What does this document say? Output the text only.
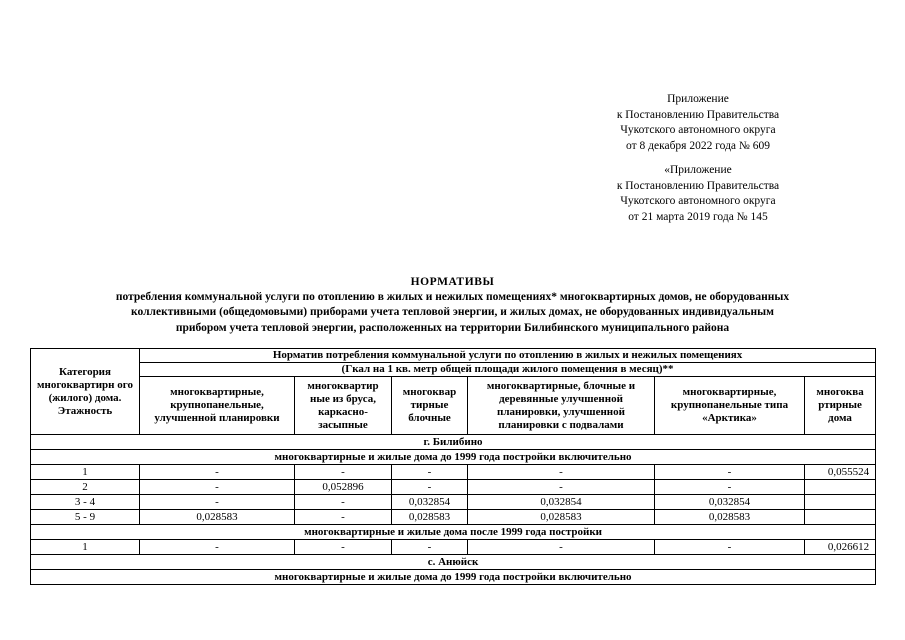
Приложение
к Постановлению Правительства
Чукотского автономного округа
от 8 декабря 2022 года № 609
«Приложение
к Постановлению Правительства
Чукотского автономного округа
от 21 марта 2019 года № 145
НОРМАТИВЫ
потребления коммунальной услуги по отоплению в жилых и нежилых помещениях* многоквартирных домов, не оборудованных
коллективными (общедомовыми) приборами учета тепловой энергии, и жилых домах, не оборудованных индивидуальным
прибором учета тепловой энергии, расположенных на территории Билибинского муниципального района
Категория многоквартирн ого (жилого) дома. Этажность	Норматив потребления коммунальной услуги по отоплению в жилых и нежилых помещениях					
	(Гкал на 1 кв. метр общей площади жилого помещения в месяц)**					
	многоквартирные, крупнопанельные, улучшенной планировки	многоквартир ные из бруса, каркасно-засыпные	многоквар тирные блочные	многоквартирные, блочные и деревянные улучшенной планировки, улучшенной планировки с подвалами	многоквартирные, крупнопанельные типа «Арктика»	многоква ртирные дома
г. Билибино						
многоквартирные и жилые дома до 1999 года постройки включительно						
1	-	-	-	-	-	0,055524
2	-	0,052896	-	-	-	
3 - 4	-	-	0,032854	0,032854	0,032854	
5 - 9	0,028583	-	0,028583	0,028583	0,028583	
многоквартирные и жилые дома после 1999 года постройки						
1	-	-	-	-	-	0,026612
с. Анюйск						
многоквартирные и жилые дома до 1999 года постройки включительно						
